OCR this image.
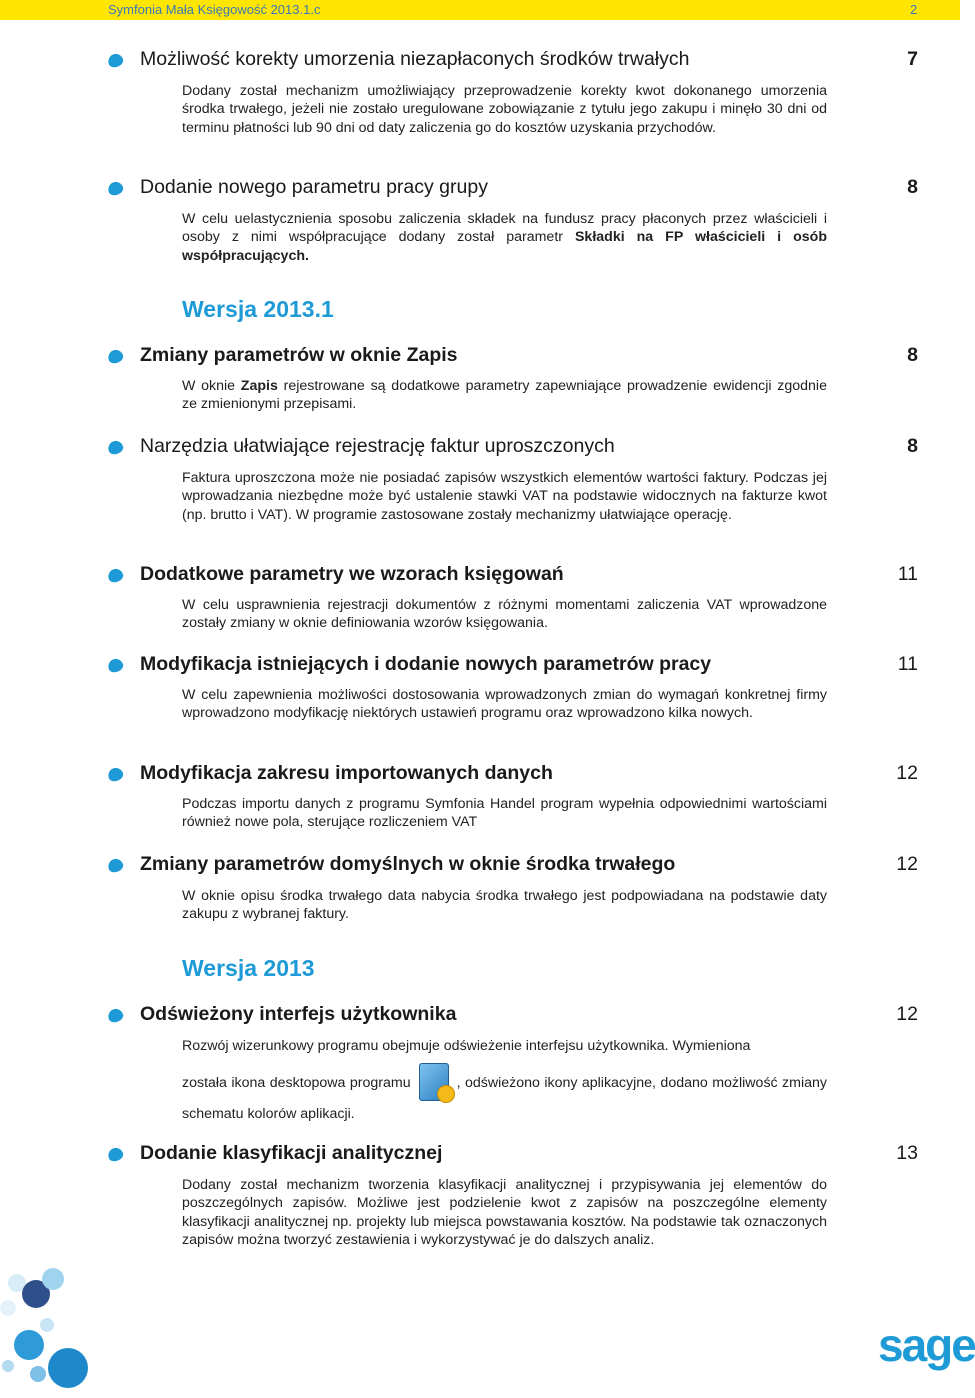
Symfonia Mała Księgowość 2013.1.c	2
Możliwość korekty umorzenia niezapłaconych środków trwałych	7
Dodany został mechanizm umożliwiający przeprowadzenie korekty kwot dokonanego umorzenia środka trwałego, jeżeli nie zostało uregulowane zobowiązanie z tytułu jego zakupu i minęło 30 dni od terminu płatności lub 90 dni od daty zaliczenia go do kosztów uzyskania przychodów.
Dodanie nowego parametru pracy grupy	8
W celu uelastycznienia sposobu zaliczenia składek na fundusz pracy płaconych przez właścicieli i osoby z nimi współpracujące dodany został parametr Składki na FP właścicieli i osób współpracujących.
Wersja 2013.1
Zmiany parametrów w oknie Zapis	8
W oknie Zapis rejestrowane są dodatkowe parametry zapewniające prowadzenie ewidencji zgodnie ze zmienionymi przepisami.
Narzędzia ułatwiające rejestrację faktur uproszczonych	8
Faktura uproszczona może nie posiadać zapisów wszystkich elementów wartości faktury. Podczas jej wprowadzania niezbędne może być ustalenie stawki VAT na podstawie widocznych na fakturze kwot (np. brutto i VAT). W programie zastosowane zostały mechanizmy ułatwiające operację.
Dodatkowe parametry we wzorach księgowań	11
W celu usprawnienia rejestracji dokumentów z różnymi momentami zaliczenia VAT wprowadzone zostały zmiany w oknie definiowania wzorów księgowania.
Modyfikacja istniejących i dodanie nowych parametrów pracy	11
W celu zapewnienia możliwości dostosowania wprowadzonych zmian do wymagań konkretnej firmy wprowadzono modyfikację niektórych ustawień programu oraz wprowadzono kilka nowych.
Modyfikacja zakresu importowanych danych	12
Podczas importu danych z programu Symfonia Handel program wypełnia odpowiednimi wartościami również nowe pola, sterujące rozliczeniem VAT
Zmiany parametrów domyślnych w oknie środka trwałego	12
W oknie opisu środka trwałego data nabycia środka trwałego jest podpowiadana na podstawie daty zakupu z wybranej faktury.
Wersja 2013
Odświeżony interfejs użytkownika	12
Rozwój wizerunkowy programu obejmuje odświeżenie interfejsu użytkownika. Wymieniona
została ikona desktopowa programu	, odświeżono ikony aplikacyjne, dodano możliwość zmiany schematu kolorów aplikacji.
Dodanie klasyfikacji analitycznej	13
Dodany został mechanizm tworzenia klasyfikacji analitycznej i przypisywania jej elementów do poszczególnych zapisów. Możliwe jest podzielenie kwot z zapisów na poszczególne elementy klasyfikacji analitycznej np. projekty lub miejsca powstawania kosztów. Na podstawie tak oznaczonych zapisów można tworzyć zestawienia i wykorzystywać je do dalszych analiz.
sage
